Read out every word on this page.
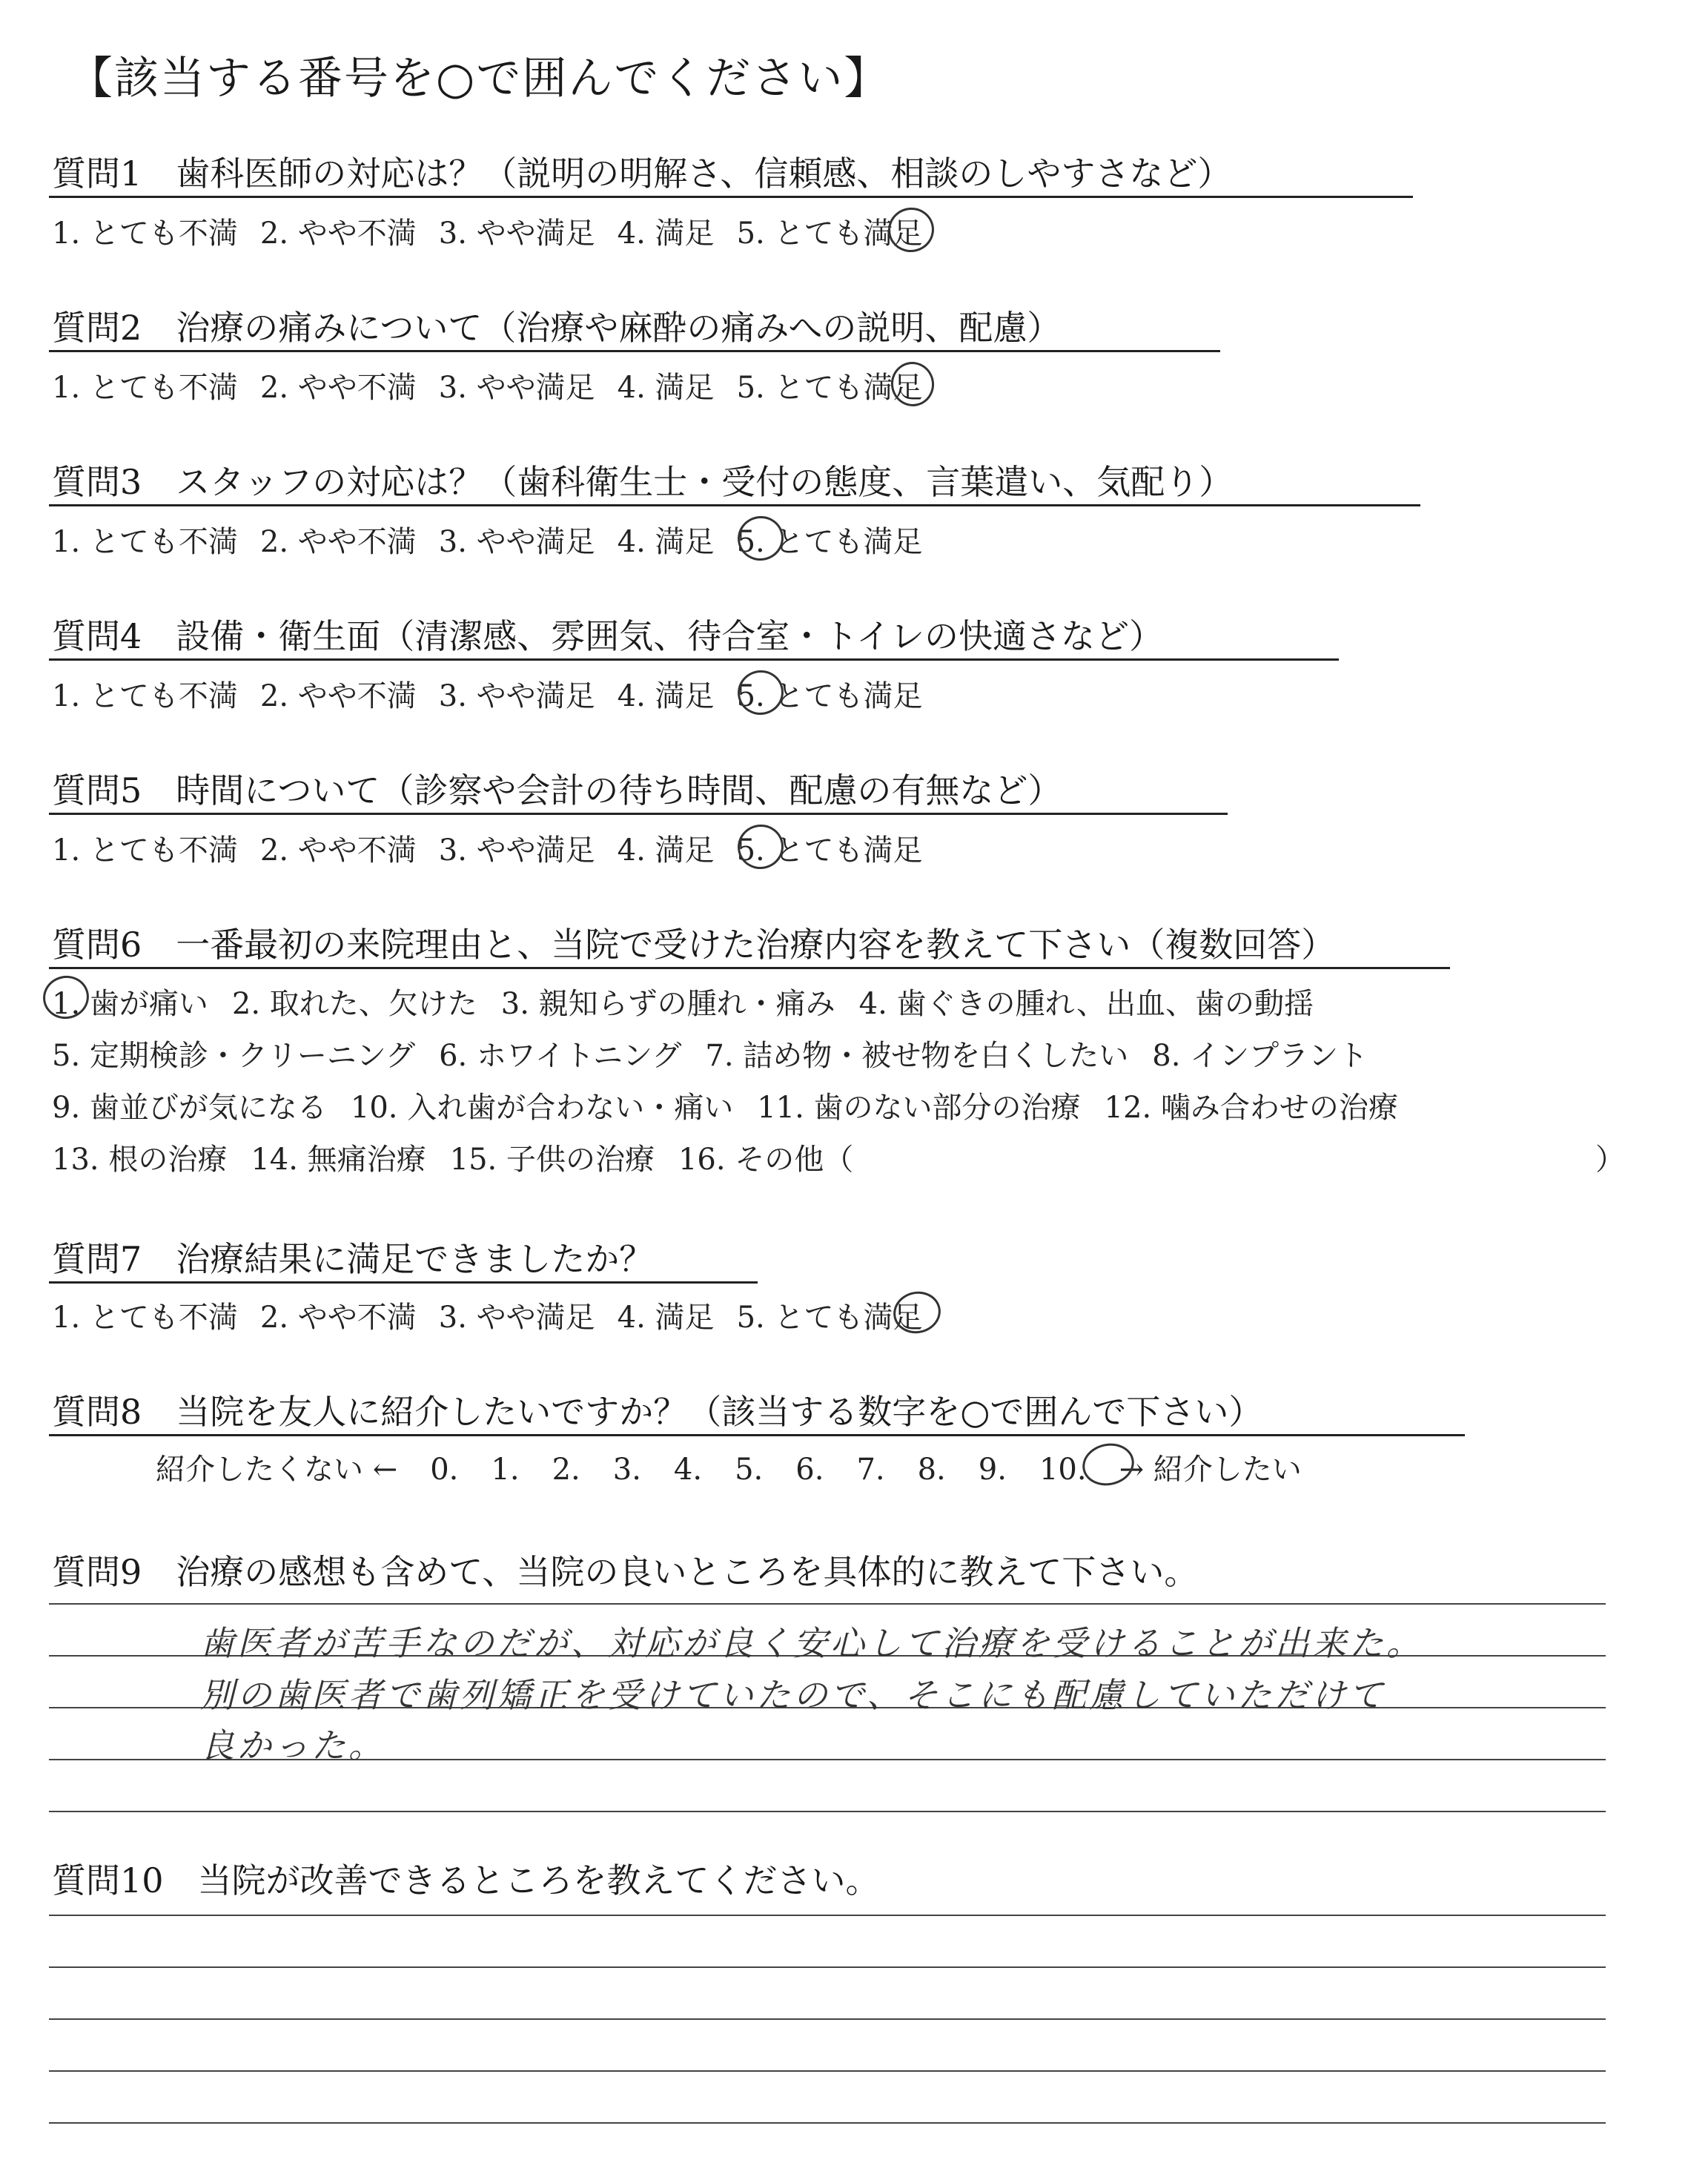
【該当する番号を○で囲んでください】
質問1　歯科医師の対応は？（説明の明解さ、信頼感、相談のしやすさなど）
1. とても不満 2. やや不満 3. やや満足 4. 満足 5. とても満足
質問2　治療の痛みについて（治療や麻酔の痛みへの説明、配慮）
1. とても不満 2. やや不満 3. やや満足 4. 満足 5. とても満足
質問3　スタッフの対応は？（歯科衛生士・受付の態度、言葉遣い、気配り）
1. とても不満 2. やや不満 3. やや満足 4. 満足 5. とても満足
質問4　設備・衛生面（清潔感、雰囲気、待合室・トイレの快適さなど）
1. とても不満 2. やや不満 3. やや満足 4. 満足 5. とても満足
質問5　時間について（診察や会計の待ち時間、配慮の有無など）
1. とても不満 2. やや不満 3. やや満足 4. 満足 5. とても満足
質問6　一番最初の来院理由と、当院で受けた治療内容を教えて下さい（複数回答）
1. 歯が痛い 2. 取れた、欠けた 3. 親知らずの腫れ・痛み 4. 歯ぐきの腫れ、出血、歯の動揺
5. 定期検診・クリーニング 6. ホワイトニング 7. 詰め物・被せ物を白くしたい 8. インプラント
9. 歯並びが気になる 10. 入れ歯が合わない・痛い 11. 歯のない部分の治療 12. 噛み合わせの治療
13. 根の治療 14. 無痛治療 15. 子供の治療 16. その他（	）
質問7　治療結果に満足できましたか？
1. とても不満 2. やや不満 3. やや満足 4. 満足 5. とても満足
質問8　当院を友人に紹介したいですか？（該当する数字を○で囲んで下さい）
紹介したくない ← 0. 1. 2. 3. 4. 5. 6. 7. 8. 9. 10. → 紹介したい
質問9　治療の感想も含めて、当院の良いところを具体的に教えて下さい。
歯医者が苦手なのだが、対応が良く安心して治療を受けることが出来た。
別の歯医者で歯列矯正を受けていたので、そこにも配慮していただけて
良かった。
質問10　当院が改善できるところを教えてください。
